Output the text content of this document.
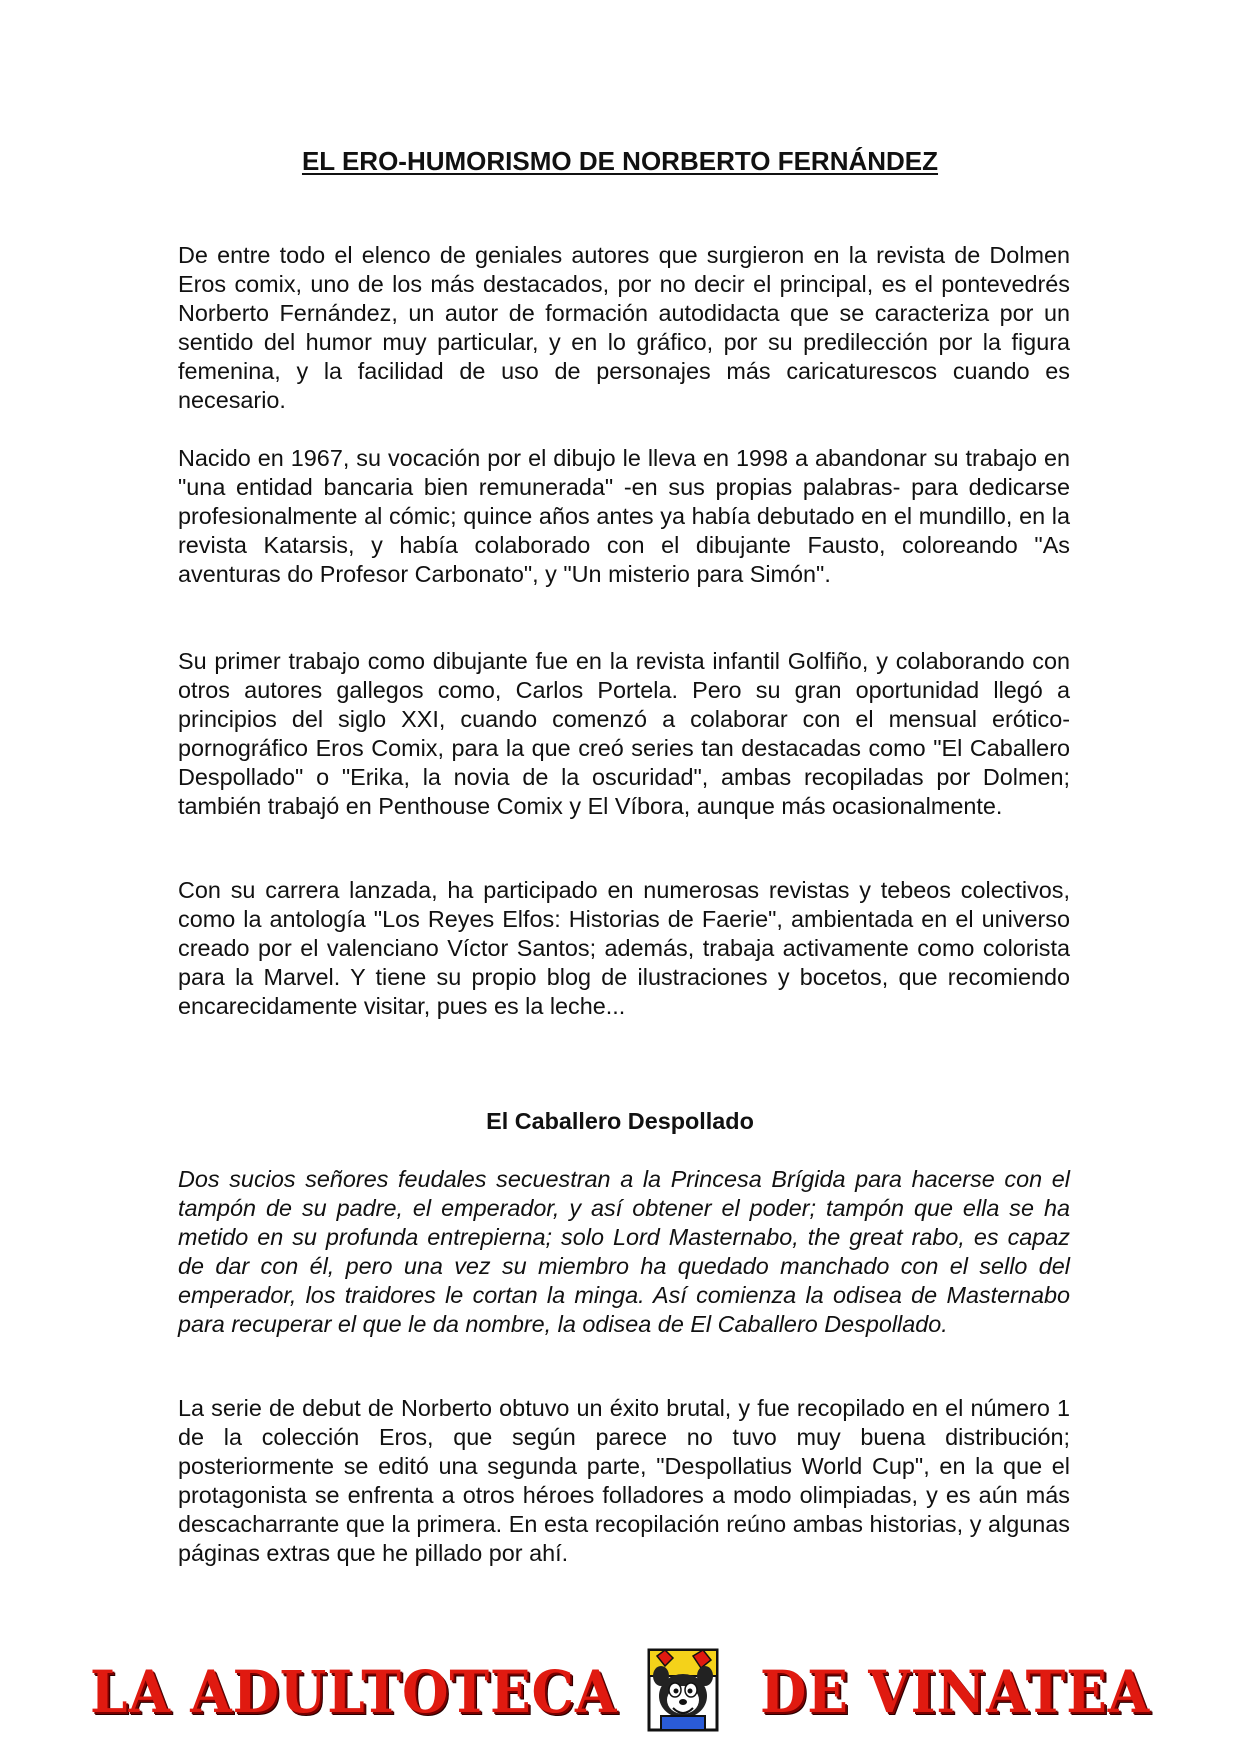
EL ERO-HUMORISMO DE NORBERTO FERNÁNDEZ

De entre todo el elenco de geniales autores que surgieron en la revista de Dolmen Eros comix, uno de los más destacados, por no decir el principal, es el pontevedrés Norberto Fernández, un autor de formación autodidacta que se caracteriza por un sentido del humor muy particular, y en lo gráfico, por su predilección por la figura femenina, y la facilidad de uso de personajes más caricaturescos cuando es necesario.

Nacido en 1967, su vocación por el dibujo le lleva en 1998 a abandonar su trabajo en "una entidad bancaria bien remunerada" -en sus propias palabras- para dedicarse profesionalmente al cómic; quince años antes ya había debutado en el mundillo, en la revista Katarsis, y había colaborado con el dibujante Fausto, coloreando "As aventuras do Profesor Carbonato", y "Un misterio para Simón".

Su primer trabajo como dibujante fue en la revista infantil Golfiño, y colaborando con otros autores gallegos como, Carlos Portela. Pero su gran oportunidad llegó a principios del siglo XXI, cuando comenzó a colaborar con el mensual erótico-pornográfico Eros Comix, para la que creó series tan destacadas como "El Caballero Despollado" o "Erika, la novia de la oscuridad", ambas recopiladas por Dolmen; también trabajó en Penthouse Comix y El Víbora, aunque más ocasionalmente.

Con su carrera lanzada, ha participado en numerosas revistas y tebeos colectivos, como la antología "Los Reyes Elfos: Historias de Faerie", ambientada en el universo creado por el valenciano Víctor Santos; además, trabaja activamente como colorista para la Marvel. Y tiene su propio blog de ilustraciones y bocetos, que recomiendo encarecidamente visitar, pues es la leche...

El Caballero Despollado

Dos sucios señores feudales secuestran a la Princesa Brígida para hacerse con el tampón de su padre, el emperador, y así obtener el poder; tampón que ella se ha metido en su profunda entrepierna; solo Lord Masternabo, the great rabo, es capaz de dar con él, pero una vez su miembro ha quedado manchado con el sello del emperador, los traidores le cortan la minga. Así comienza la odisea de Masternabo para recuperar el que le da nombre, la odisea de El Caballero Despollado.

La serie de debut de Norberto obtuvo un éxito brutal, y fue recopilado en el número 1 de la colección Eros, que según parece no tuvo muy buena distribución; posteriormente se editó una segunda parte, "Despollatius World Cup", en la que el protagonista se enfrenta a otros héroes folladores a modo olimpiadas, y es aún más descacharrante que la primera. En esta recopilación reúno ambas historias, y algunas páginas extras que he pillado por ahí.

LA ADULTOTECA DE VINATEA
